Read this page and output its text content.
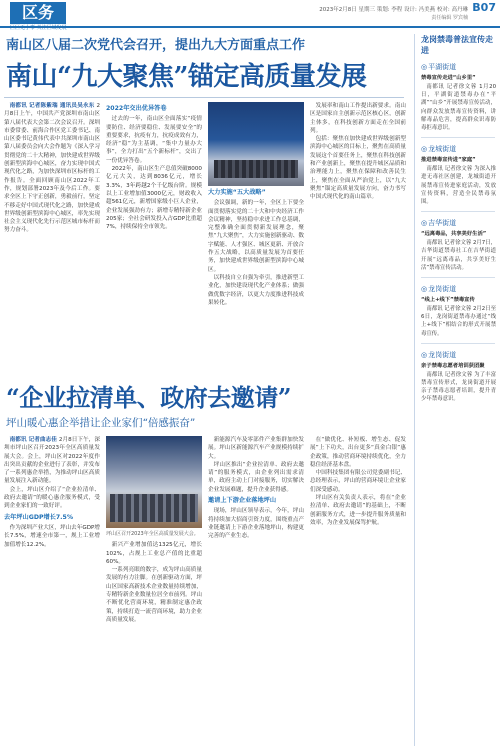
区务
区区无小事 关注区域发展
2023年2月8日 星期三 策划: 李程 设计: 冯美燕 校对: 高丹琳
责任编辑 罗宾楠
B07
南山区八届二次党代会召开，提出九大方面重点工作
南山“九大聚焦”锚定高质量发展

南都讯 记者陈紫瑞 通讯员吴永东 2月8日上午，中国共产党深圳市南山区第八届代表大会第二次会议召开。深圳市委常委、前海合作区党工委书记、南山区委书记黄伟代表中共深圳市南山区第八届委员会向大会作题为《深入学习贯彻党的二十大精神，加快建成世界级创新型滨海中心城区，奋力实现中国式现代化之路，为加快深圳市区标杆的工作报告。全面回顾南山区2022年工作，规划部署2023年及今后工作。要求全区上下守正创新，勇毅前行，坚定不移走好中国式现代化之路，加快建成世界级创新型滨海中心城区，率先实现社会主义现代化先行示范区城市标杆而努力奋斗。

2022年交出优异答卷

过去的一年，南山区全面落实“疫情要防住、经济要稳住、发展要安全”的重要要求，抗疫有力，抗疫成效有力，经济“稳”为主基调，“集中力量办大事”，全力打出“五个新标杆”，交出了一份优异答卷。

2022年，南山区生产总值突破8000亿元大关，达到8036亿元，增长3.3%，3年跨越2个千亿级台阶。规模以上工业增加值3000亿元，财政收入超561亿元，新增国家级小巨人企业，企业发展强劲有力；新增专精特新企业205家；全社会研发投入占GDP比重超7%，持续保持全市领先。

大力实施“五大战略”

会议强调，新的一年，全区上下要全面贯彻落实党的二十大和中央经济工作会议精神，坚持稳中求进工作总基调，完整准确全面贯彻新发展理念，聚焦“九大聚焦”，大力实施创新驱动、数字赋能、人才强区、城区更新、开放合作五大战略，以高质量发展为首要任务，加快建成世界级创新型滨海中心城区。

以科技自立自强为牵引，推进新型工业化，加快建设现代化产业体系；做强做优数字经济，以更大力度推进科技成果转化。

发展率和南山工作提出新要求。南山区是国家自主创新示范区核心区，创新主体多，在科技创新方面走在全国前列。

包括：聚焦在加快建成世界级创新型滨海中心城区的目标上，聚焦在高质量发展这个首要任务上，聚焦在科技创新和产业创新上，聚焦在提升城区品质和治理能力上，聚焦在保障和改善民生上，聚焦在全面从严治党上，以“九大聚焦”锚定高质量发展方向，奋力书写中国式现代化的南山篇章。

“企业拉清单、政府去邀请”
坪山暖心惠企举措让企业家们“倍感振奋”

南都讯 记者曲志佳 2月8日下午，深圳市坪山区召开2023年全区高质量发展大会。会上，坪山区对2022年度作出突出贡献的企业进行了表彰，并发布了一系列惠企举措，为推动坪山区高质量发展注入新动能。

会上，坪山区介绍了“企业拉清单、政府去邀请”的暖心惠企服务模式，受到企业家们的一致好评。

去年坪山GDP增长7.5%

作为深圳产业大区，坪山去年GDP增长7.5%，增速全市第一，规上工业增加值增长12.2%。

坪山区召开2023年全区高质量发展大会。

新兴产业增加值达1325亿元，增长102%，占规上工业总产值的比重超60%。

一系列亮眼的数字，成为坪山高质量发展的有力注脚。在创新驱动方面，坪山区国家高新技术企业数量持续增加，专精特新企业数量位居全市前列。坪山不断优化营商环境，精准制定惠企政策，持续打造一流营商环境，助力企业高质量发展。

新能源汽车及零部件产业集群加快发展。坪山区新能源汽车产业规模持续扩大。

坪山区推出“企业拉清单、政府去邀请”的服务模式，由企业列出需求清单，政府主动上门对接服务，切实解决企业发展难题，提升企业获得感。

邀请上下游企业落地坪山

现场，坪山区领导表示，今年，坪山将持续加大招商引资力度，围绕重点产业链邀请上下游企业落地坪山，构建更完善的产业生态。

在“做优化、补短板、增生态、促发展”上下功夫，出台更多“真金白银”惠企政策，推动营商环境持续优化，全力稳住经济基本盘。

中国科技集团有限公司党委副书记、总经理表示，坪山的营商环境让企业家们深受感动。

坪山区有关负责人表示，将在“企业拉清单、政府去邀请”的基础上，不断创新服务方式，进一步提升服务质量和效率，为企业发展保驾护航。

龙岗禁毒普法宣传走进
◎平湖街道
禁毒宣传走进“山乡里”
南都讯 记者徐文蓉 1月20日，平湖街道禁毒办在“平湖”“山乡”开展禁毒宣传活动，向群众发放禁毒宣传资料，讲解毒品危害，提高群众识毒防毒拒毒意识。
◎龙城街道
推进禁毒宣传进“家庭”
南都讯 记者徐文蓉 为深入推进无毒社区创建，龙城街道开展禁毒宣传进家庭活动，发放宣传资料，营造全民禁毒氛围。
◎吉华街道
“远离毒品，共享美好生活”
南都讯 记者徐文蓉 2月7日，吉华街道禁毒社工在吉华街道开展“远离毒品，共享美好生活”禁毒宣传活动。
◎龙岗街道
“线上+线下”禁毒宣传
南都讯 记者徐文蓉 2月2日至6日，龙岗街道禁毒办通过“线上+线下”相结合的形式开展禁毒宣传。
◎龙岗街道
亲子禁毒志愿者培训获团聚
南都讯 记者徐文蓉 为了丰富禁毒宣传形式，龙岗街道开展亲子禁毒志愿者培训，提升青少年禁毒意识。
